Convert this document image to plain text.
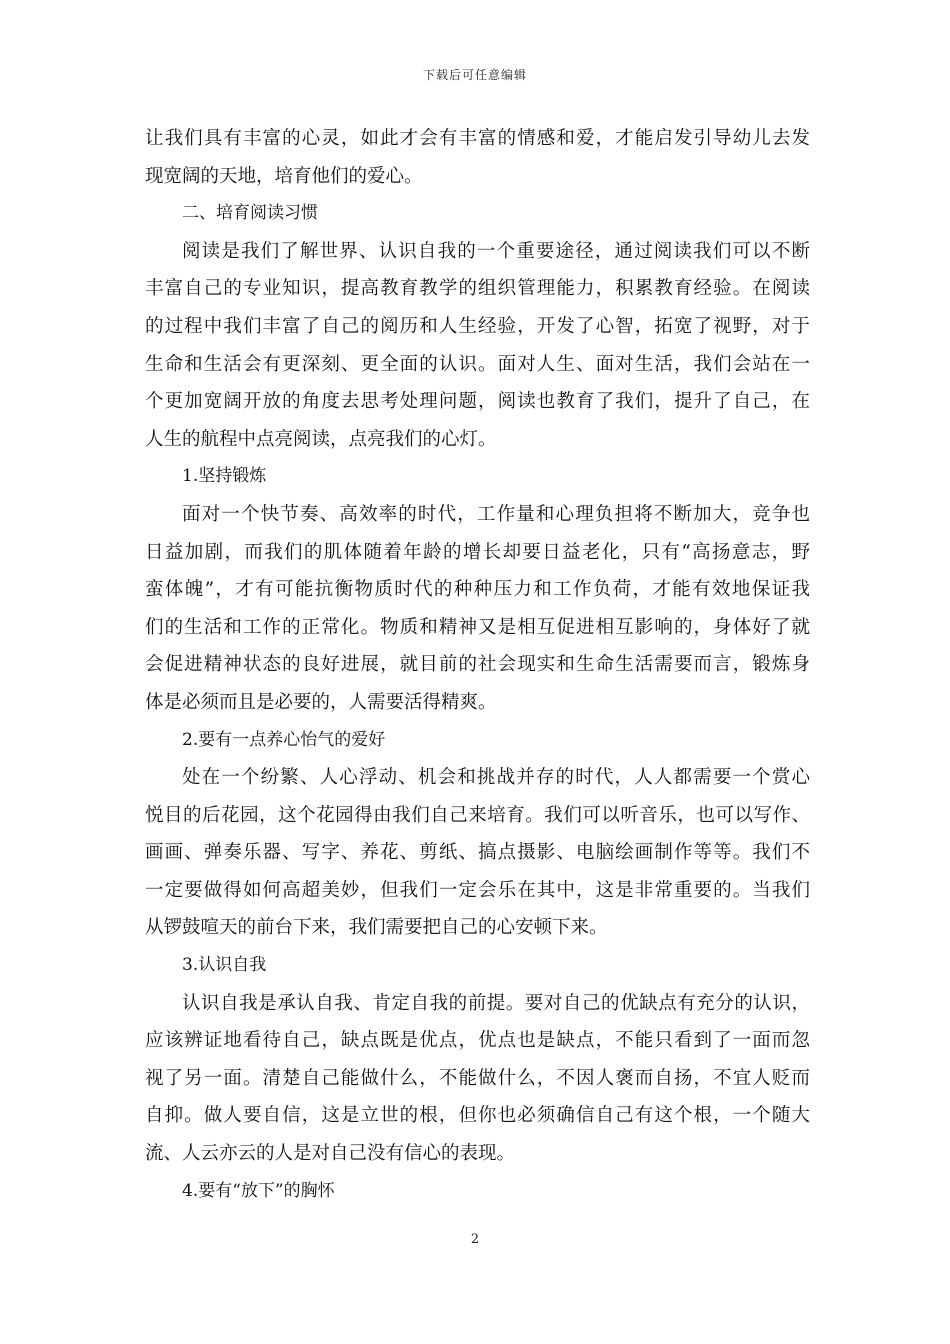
下载后可任意编辑
让我们具有丰富的心灵，如此才会有丰富的情感和爱，才能启发引导幼儿去发
现宽阔的天地，培育他们的爱心。
二、培育阅读习惯
阅读是我们了解世界、认识自我的一个重要途径，通过阅读我们可以不断
丰富自己的专业知识，提高教育教学的组织管理能力，积累教育经验。在阅读
的过程中我们丰富了自己的阅历和人生经验，开发了心智，拓宽了视野，对于
生命和生活会有更深刻、更全面的认识。面对人生、面对生活，我们会站在一
个更加宽阔开放的角度去思考处理问题，阅读也教育了我们，提升了自己，在
人生的航程中点亮阅读，点亮我们的心灯。
1.坚持锻炼
面对一个快节奏、高效率的时代，工作量和心理负担将不断加大，竞争也
日益加剧，而我们的肌体随着年龄的增长却要日益老化，只有“高扬意志，野
蛮体魄”，才有可能抗衡物质时代的种种压力和工作负荷，才能有效地保证我
们的生活和工作的正常化。物质和精神又是相互促进相互影响的，身体好了就
会促进精神状态的良好进展，就目前的社会现实和生命生活需要而言，锻炼身
体是必须而且是必要的，人需要活得精爽。
2.要有一点养心怡气的爱好
处在一个纷繁、人心浮动、机会和挑战并存的时代，人人都需要一个赏心
悦目的后花园，这个花园得由我们自己来培育。我们可以听音乐，也可以写作、
画画、弹奏乐器、写字、养花、剪纸、搞点摄影、电脑绘画制作等等。我们不
一定要做得如何高超美妙，但我们一定会乐在其中，这是非常重要的。当我们
从锣鼓喧天的前台下来，我们需要把自己的心安顿下来。
3.认识自我
认识自我是承认自我、肯定自我的前提。要对自己的优缺点有充分的认识，
应该辨证地看待自己，缺点既是优点，优点也是缺点，不能只看到了一面而忽
视了另一面。清楚自己能做什么，不能做什么，不因人褒而自扬，不宜人贬而
自抑。做人要自信，这是立世的根，但你也必须确信自己有这个根，一个随大
流、人云亦云的人是对自己没有信心的表现。
4.要有“放下”的胸怀
2
